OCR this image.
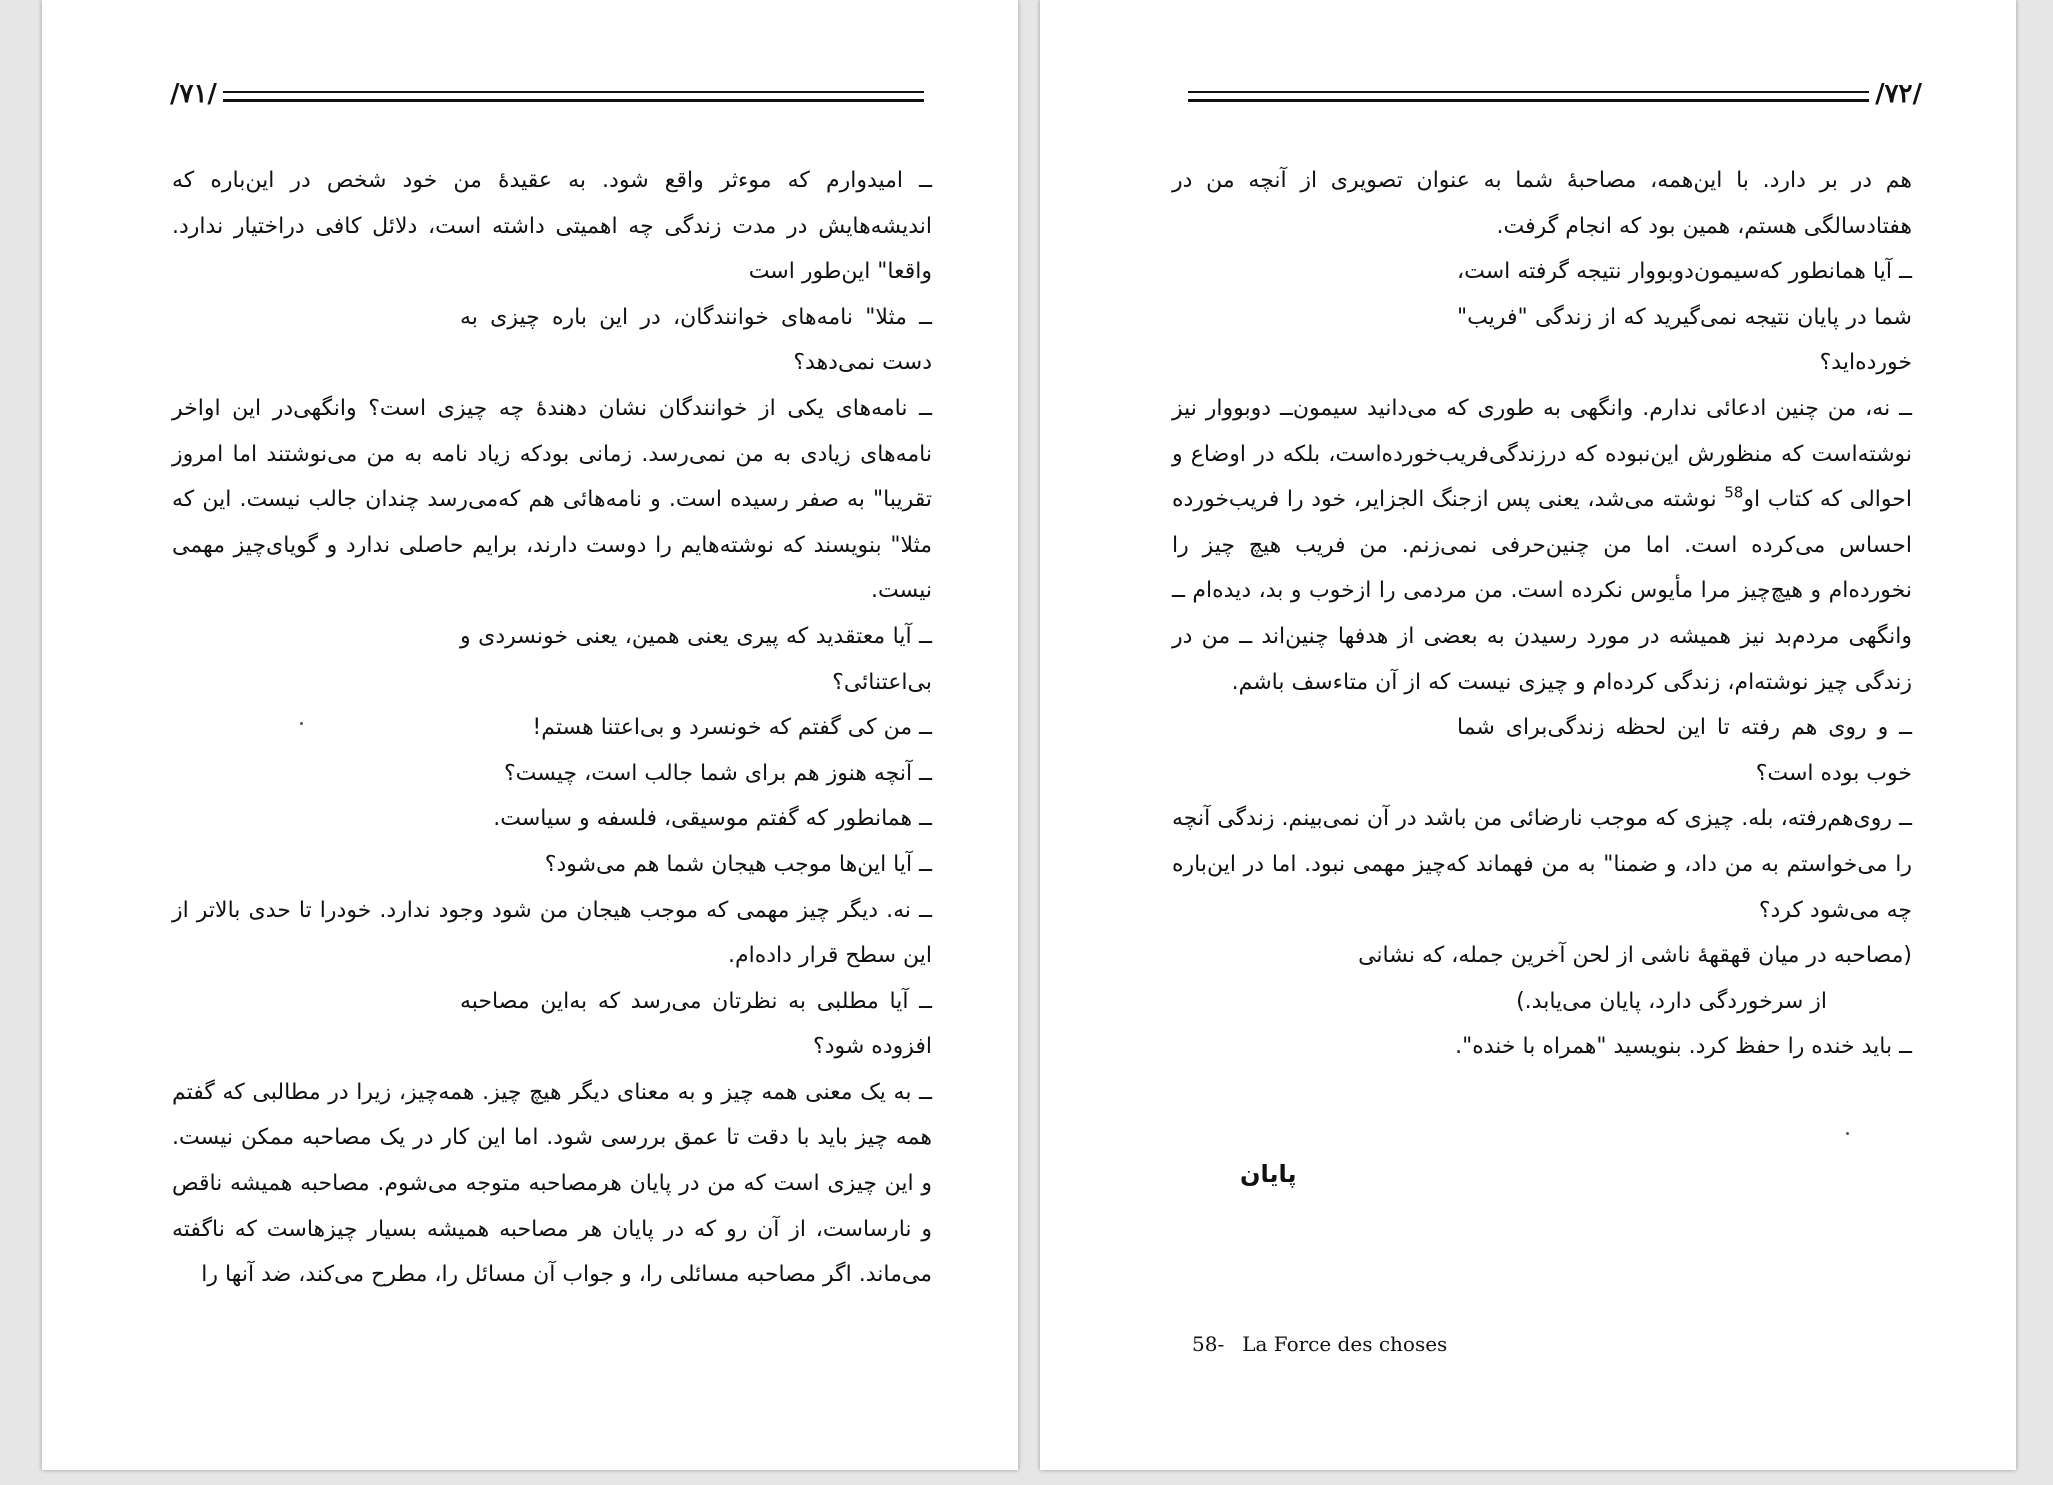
/۷۱/

ــ امیدوارم که موءثر واقع شود. به عقیده‌ٔ من خود شخص در این‌باره که اندیشه‌هایش در مدت زندگی چه اهمیتی داشته است، دلائل کافی دراختیار ندارد. واقعا" این‌طور است

ــ مثلا" نامه‌های خوانندگان، در این باره چیزی به دست نمی‌دهد؟

ــ نامه‌های یکی از خوانندگان نشان دهنده‌ٔ چه چیزی است؟ وانگهی‌در این اواخر نامه‌های زیادی به من نمی‌رسد. زمانی بودکه زیاد نامه به من می‌نوشتند اما امروز تقریبا" به صفر رسیده است. و نامه‌هائی هم که‌می‌رسد چندان جالب نیست. این که مثلا" بنویسند که نوشته‌هایم را دوست دارند، برایم حاصلی ندارد و گویای‌چیز مهمی نیست.

ــ آیا معتقدید که پیری یعنی همین، یعنی خونسردی و بی‌اعتنائی؟

ــ من کی گفتم که خونسرد و بی‌اعتنا هستم!

ــ آنچه هنوز هم برای شما جالب است، چیست؟

ــ همانطور که گفتم موسیقی، فلسفه و سیاست.

ــ آیا این‌ها موجب هیجان شما هم می‌شود؟

ــ نه. دیگر چیز مهمی که موجب هیجان من شود وجود ندارد. خودرا تا حدی بالاتر از این سطح قرار داده‌ام.

ــ آیا مطلبی به نظرتان می‌رسد که به‌این مصاحبه افزوده شود؟

ــ به یک معنی همه چیز و به معنای دیگر هیچ چیز. همه‌چیز، زیرا در مطالبی که گفتم همه چیز باید با دقت تا عمق بررسی شود. اما این کار در یک مصاحبه ممکن نیست. و این چیزی است که من در پایان هرمصاحبه متوجه می‌شوم. مصاحبه همیشه ناقص و نارساست، از آن رو که در پایان هر مصاحبه همیشه بسیار چیزهاست که ناگفته می‌ماند. اگر مصاحبه مسائلی را، و جواب آن مسائل را، مطرح می‌کند، ضد آنها را

/۷۲/

هم در بر دارد. با این‌همه، مصاحبه‌ٔ شما به عنوان تصویری از آنچه من در هفتادسالگی هستم، همین بود که انجام گرفت.

ــ آیا همانطور که‌سیمون‌دوبووار نتیجه گرفته است، شما در پایان نتیجه نمی‌گیرید که از زندگی "فریب" خورده‌اید؟

ــ نه، من چنین ادعائی ندارم. وانگهی به طوری که می‌دانید سیمون‌ــ دوبووار نیز نوشته‌است که منظورش این‌نبوده که درزندگی‌فریب‌خورده‌است، بلکه در اوضاع و احوالی که کتاب او$^{58}$ نوشته می‌شد، یعنی پس ازجنگ الجزایر، خود را فریب‌خورده احساس می‌کرده است. اما من چنین‌حرفی نمی‌زنم. من فریب هیچ چیز را نخورده‌ام و هیچ‌چیز مرا مأیوس نکرده است. من مردمی را ازخوب و بد، دیده‌ام ــ وانگهی مردم‌بد نیز همیشه در مورد رسیدن به بعضی از هدفها چنین‌اند ــ من در زندگی چیز نوشته‌ام، زندگی کرده‌ام و چیزی نیست که از آن متاءسف باشم.

ــ و روی هم رفته تا این لحظه زندگی‌برای شما خوب بوده است؟

ــ روی‌هم‌رفته، بله. چیزی که موجب نارضائی من باشد در آن نمی‌بینم. زندگی آنچه را می‌خواستم به من داد، و ضمنا" به من فهماند که‌چیز مهمی نبود. اما در این‌باره چه می‌شود کرد؟

(مصاحبه در میان قهقهه‌ٔ ناشی از لحن آخرین جمله، که نشانی

از سرخوردگی دارد، پایان می‌یابد.)

ــ باید خنده را حفظ کرد. بنویسید "همراه با خنده".

پایان
58- La Force des choses
